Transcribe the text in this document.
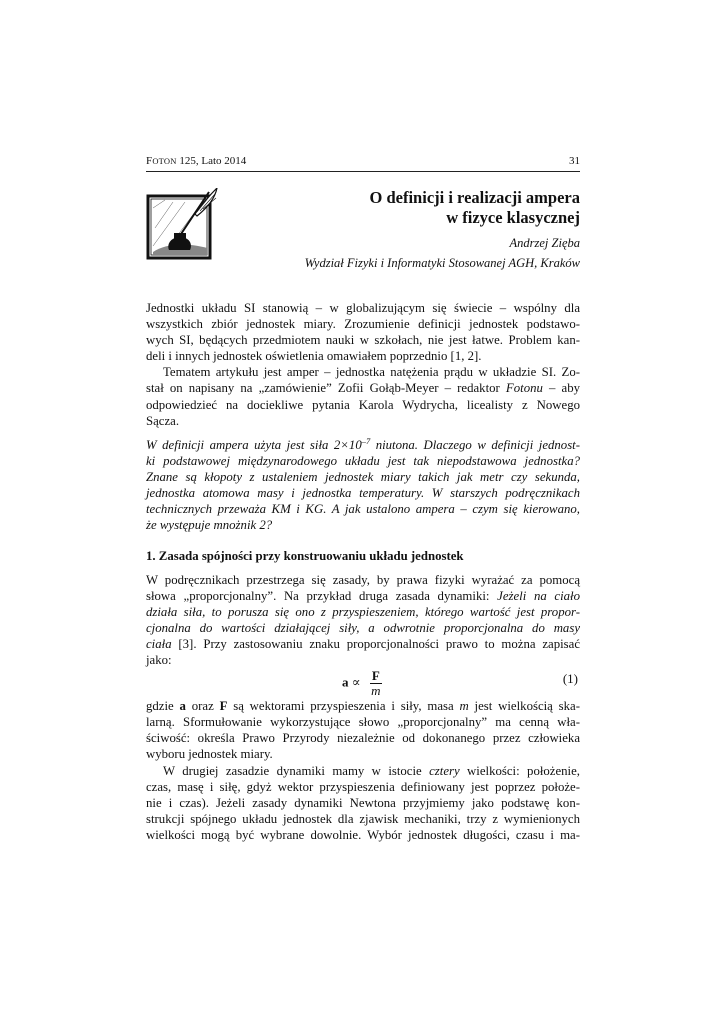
FOTON 125, Lato 2014	31
O definicji i realizacji ampera
w fizyce klasycznej
Andrzej Zięba
Wydział Fizyki i Informatyki Stosowanej AGH, Kraków

Jednostki układu SI stanowią – w globalizującym się świecie – wspólny dla
wszystkich zbiór jednostek miary. Zrozumienie definicji jednostek podstawo-
wych SI, będących przedmiotem nauki w szkołach, nie jest łatwe. Problem kan-
deli i innych jednostek oświetlenia omawiałem poprzednio [1, 2].

Tematem artykułu jest amper – jednostka natężenia prądu w układzie SI. Zo-
stał on napisany na „zamówienie” Zofii Gołąb-Meyer – redaktor Fotonu – aby
odpowiedzieć na dociekliwe pytania Karola Wydrycha, licealisty z Nowego
Sącza.

W definicji ampera użyta jest siła $2\times 10^{-7}$ niutona. Dlaczego w definicji jednost-
ki podstawowej międzynarodowego układu jest tak niepodstawowa jednostka?
Znane są kłopoty z ustaleniem jednostek miary takich jak metr czy sekunda,
jednostka atomowa masy i jednostka temperatury. W starszych podręcznikach
technicznych przeważa KM i KG. A jak ustalono ampera – czym się kierowano,
że występuje mnożnik 2?
1. Zasada spójności przy konstruowaniu układu jednostek
W podręcznikach przestrzega się zasady, by prawa fizyki wyrażać za pomocą
słowa „proporcjonalny”. Na przykład druga zasada dynamiki: Jeżeli na ciało
działa siła, to porusza się ono z przyspieszeniem, którego wartość jest propor-
cjonalna do wartości działającej siły, a odwrotnie proporcjonalna do masy
ciała [3]. Przy zastosowaniu znaku proporcjonalności prawo to można zapisać
jako:
$a \propto \frac{F}{m}$	(1)
gdzie a oraz F są wektorami przyspieszenia i siły, masa m jest wielkością ska-
larną. Sformułowanie wykorzystujące słowo „proporcjonalny” ma cenną wła-
ściwość: określa Prawo Przyrody niezależnie od dokonanego przez człowieka
wyboru jednostek miary.
W drugiej zasadzie dynamiki mamy w istocie cztery wielkości: położenie,
czas, masę i siłę, gdyż wektor przyspieszenia definiowany jest poprzez położe-
nie i czas). Jeżeli zasady dynamiki Newtona przyjmiemy jako podstawę kon-
strukcji spójnego układu jednostek dla zjawisk mechaniki, trzy z wymienionych
wielkości mogą być wybrane dowolnie. Wybór jednostek długości, czasu i ma-
